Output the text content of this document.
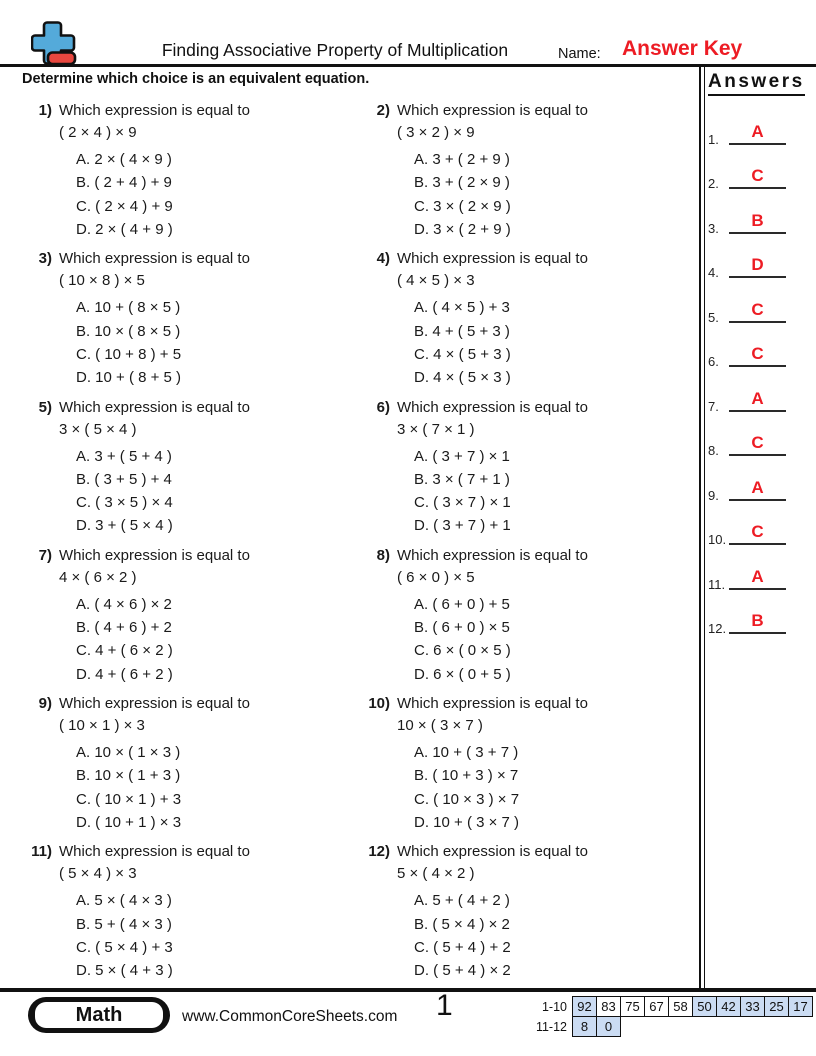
Finding Associative Property of Multiplication	Name: Answer Key
Determine which choice is an equivalent equation.
1) Which expression is equal to
( 2 × 4 ) × 9
A. 2 × ( 4 × 9 )
B. ( 2 + 4 ) + 9
C. ( 2 × 4 ) + 9
D. 2 × ( 4 + 9 )
2) Which expression is equal to
( 3 × 2 ) × 9
A. 3 + ( 2 + 9 )
B. 3 + ( 2 × 9 )
C. 3 × ( 2 × 9 )
D. 3 × ( 2 + 9 )
3) Which expression is equal to
( 10 × 8 ) × 5
A. 10 + ( 8 × 5 )
B. 10 × ( 8 × 5 )
C. ( 10 + 8 ) + 5
D. 10 + ( 8 + 5 )
4) Which expression is equal to
( 4 × 5 ) × 3
A. ( 4 × 5 ) + 3
B. 4 + ( 5 + 3 )
C. 4 × ( 5 + 3 )
D. 4 × ( 5 × 3 )
5) Which expression is equal to
3 × ( 5 × 4 )
A. 3 + ( 5 + 4 )
B. ( 3 + 5 ) + 4
C. ( 3 × 5 ) × 4
D. 3 + ( 5 × 4 )
6) Which expression is equal to
3 × ( 7 × 1 )
A. ( 3 + 7 ) × 1
B. 3 × ( 7 + 1 )
C. ( 3 × 7 ) × 1
D. ( 3 + 7 ) + 1
7) Which expression is equal to
4 × ( 6 × 2 )
A. ( 4 × 6 ) × 2
B. ( 4 + 6 ) + 2
C. 4 + ( 6 × 2 )
D. 4 + ( 6 + 2 )
8) Which expression is equal to
( 6 × 0 ) × 5
A. ( 6 + 0 ) + 5
B. ( 6 + 0 ) × 5
C. 6 × ( 0 × 5 )
D. 6 × ( 0 + 5 )
9) Which expression is equal to
( 10 × 1 ) × 3
A. 10 × ( 1 × 3 )
B. 10 × ( 1 + 3 )
C. ( 10 × 1 ) + 3
D. ( 10 + 1 ) × 3
10) Which expression is equal to
10 × ( 3 × 7 )
A. 10 + ( 3 + 7 )
B. ( 10 + 3 ) × 7
C. ( 10 × 3 ) × 7
D. 10 + ( 3 × 7 )
11) Which expression is equal to
( 5 × 4 ) × 3
A. 5 × ( 4 × 3 )
B. 5 + ( 4 × 3 )
C. ( 5 × 4 ) + 3
D. 5 × ( 4 + 3 )
12) Which expression is equal to
5 × ( 4 × 2 )
A. 5 + ( 4 + 2 )
B. ( 5 × 4 ) × 2
C. ( 5 + 4 ) + 2
D. ( 5 + 4 ) × 2
Answers
1.	A
2.	C
3.	B
4.	D
5.	C
6.	C
7.	A
8.	C
9.	A
10.	C
11.	A
12.	B
Math	www.CommonCoreSheets.com 1	1-10	92	83	75	67	58	50	42	33	25	17
11-12	8	0								
